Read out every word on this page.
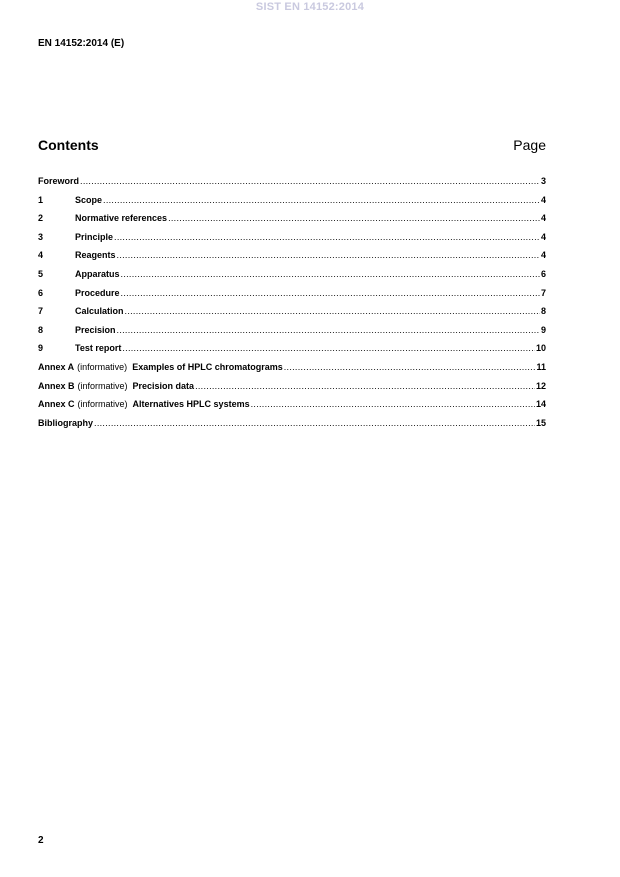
SIST EN 14152:2014
EN 14152:2014 (E)
Contents	Page
Foreword .....	3
1	Scope .....	4
2	Normative references .....	4
3	Principle .....	4
4	Reagents .....	4
5	Apparatus .....	6
6	Procedure .....	7
7	Calculation .....	8
8	Precision .....	9
9	Test report .....	10
Annex A (informative) Examples of HPLC chromatograms .....	11
Annex B (informative) Precision data .....	12
Annex C (informative) Alternatives HPLC systems .....	14
Bibliography .....	15
2
